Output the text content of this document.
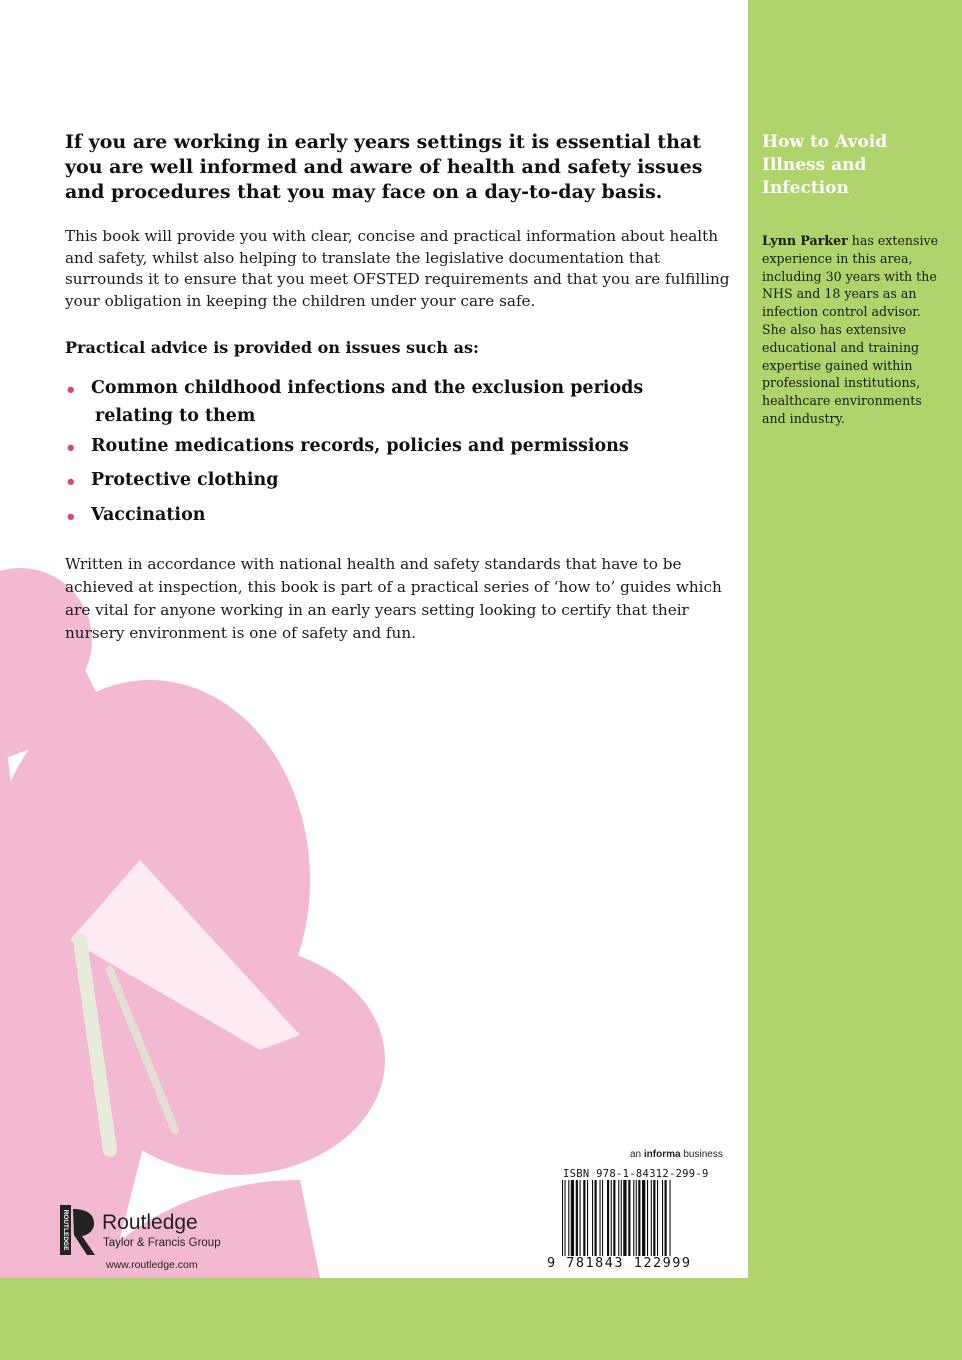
If you are working in early years settings it is essential that you are well informed and aware of health and safety issues and procedures that you may face on a day-to-day basis.

This book will provide you with clear, concise and practical information about health and safety, whilst also helping to translate the legislative documentation that surrounds it to ensure that you meet OFSTED requirements and that you are fulfilling your obligation in keeping the children under your care safe.

Practical advice is provided on issues such as:

• Common childhood infections and the exclusion periods
relating to them
• Routine medications records, policies and permissions
• Protective clothing
• Vaccination

Written in accordance with national health and safety standards that have to be achieved at inspection, this book is part of a practical series of ‘how to’ guides which are vital for anyone working in an early years setting looking to certify that their nursery environment is one of safety and fun.

How to Avoid Illness and Infection

Lynn Parker has extensive experience in this area, including 30 years with the NHS and 18 years as an infection control advisor. She also has extensive educational and training expertise gained within professional institutions, healthcare environments and industry.

ROUTLEDGE Routledge
Taylor & Francis Group
www.routledge.com
an informa business
ISBN 978-1-84312-299-9
9 781843 122999
